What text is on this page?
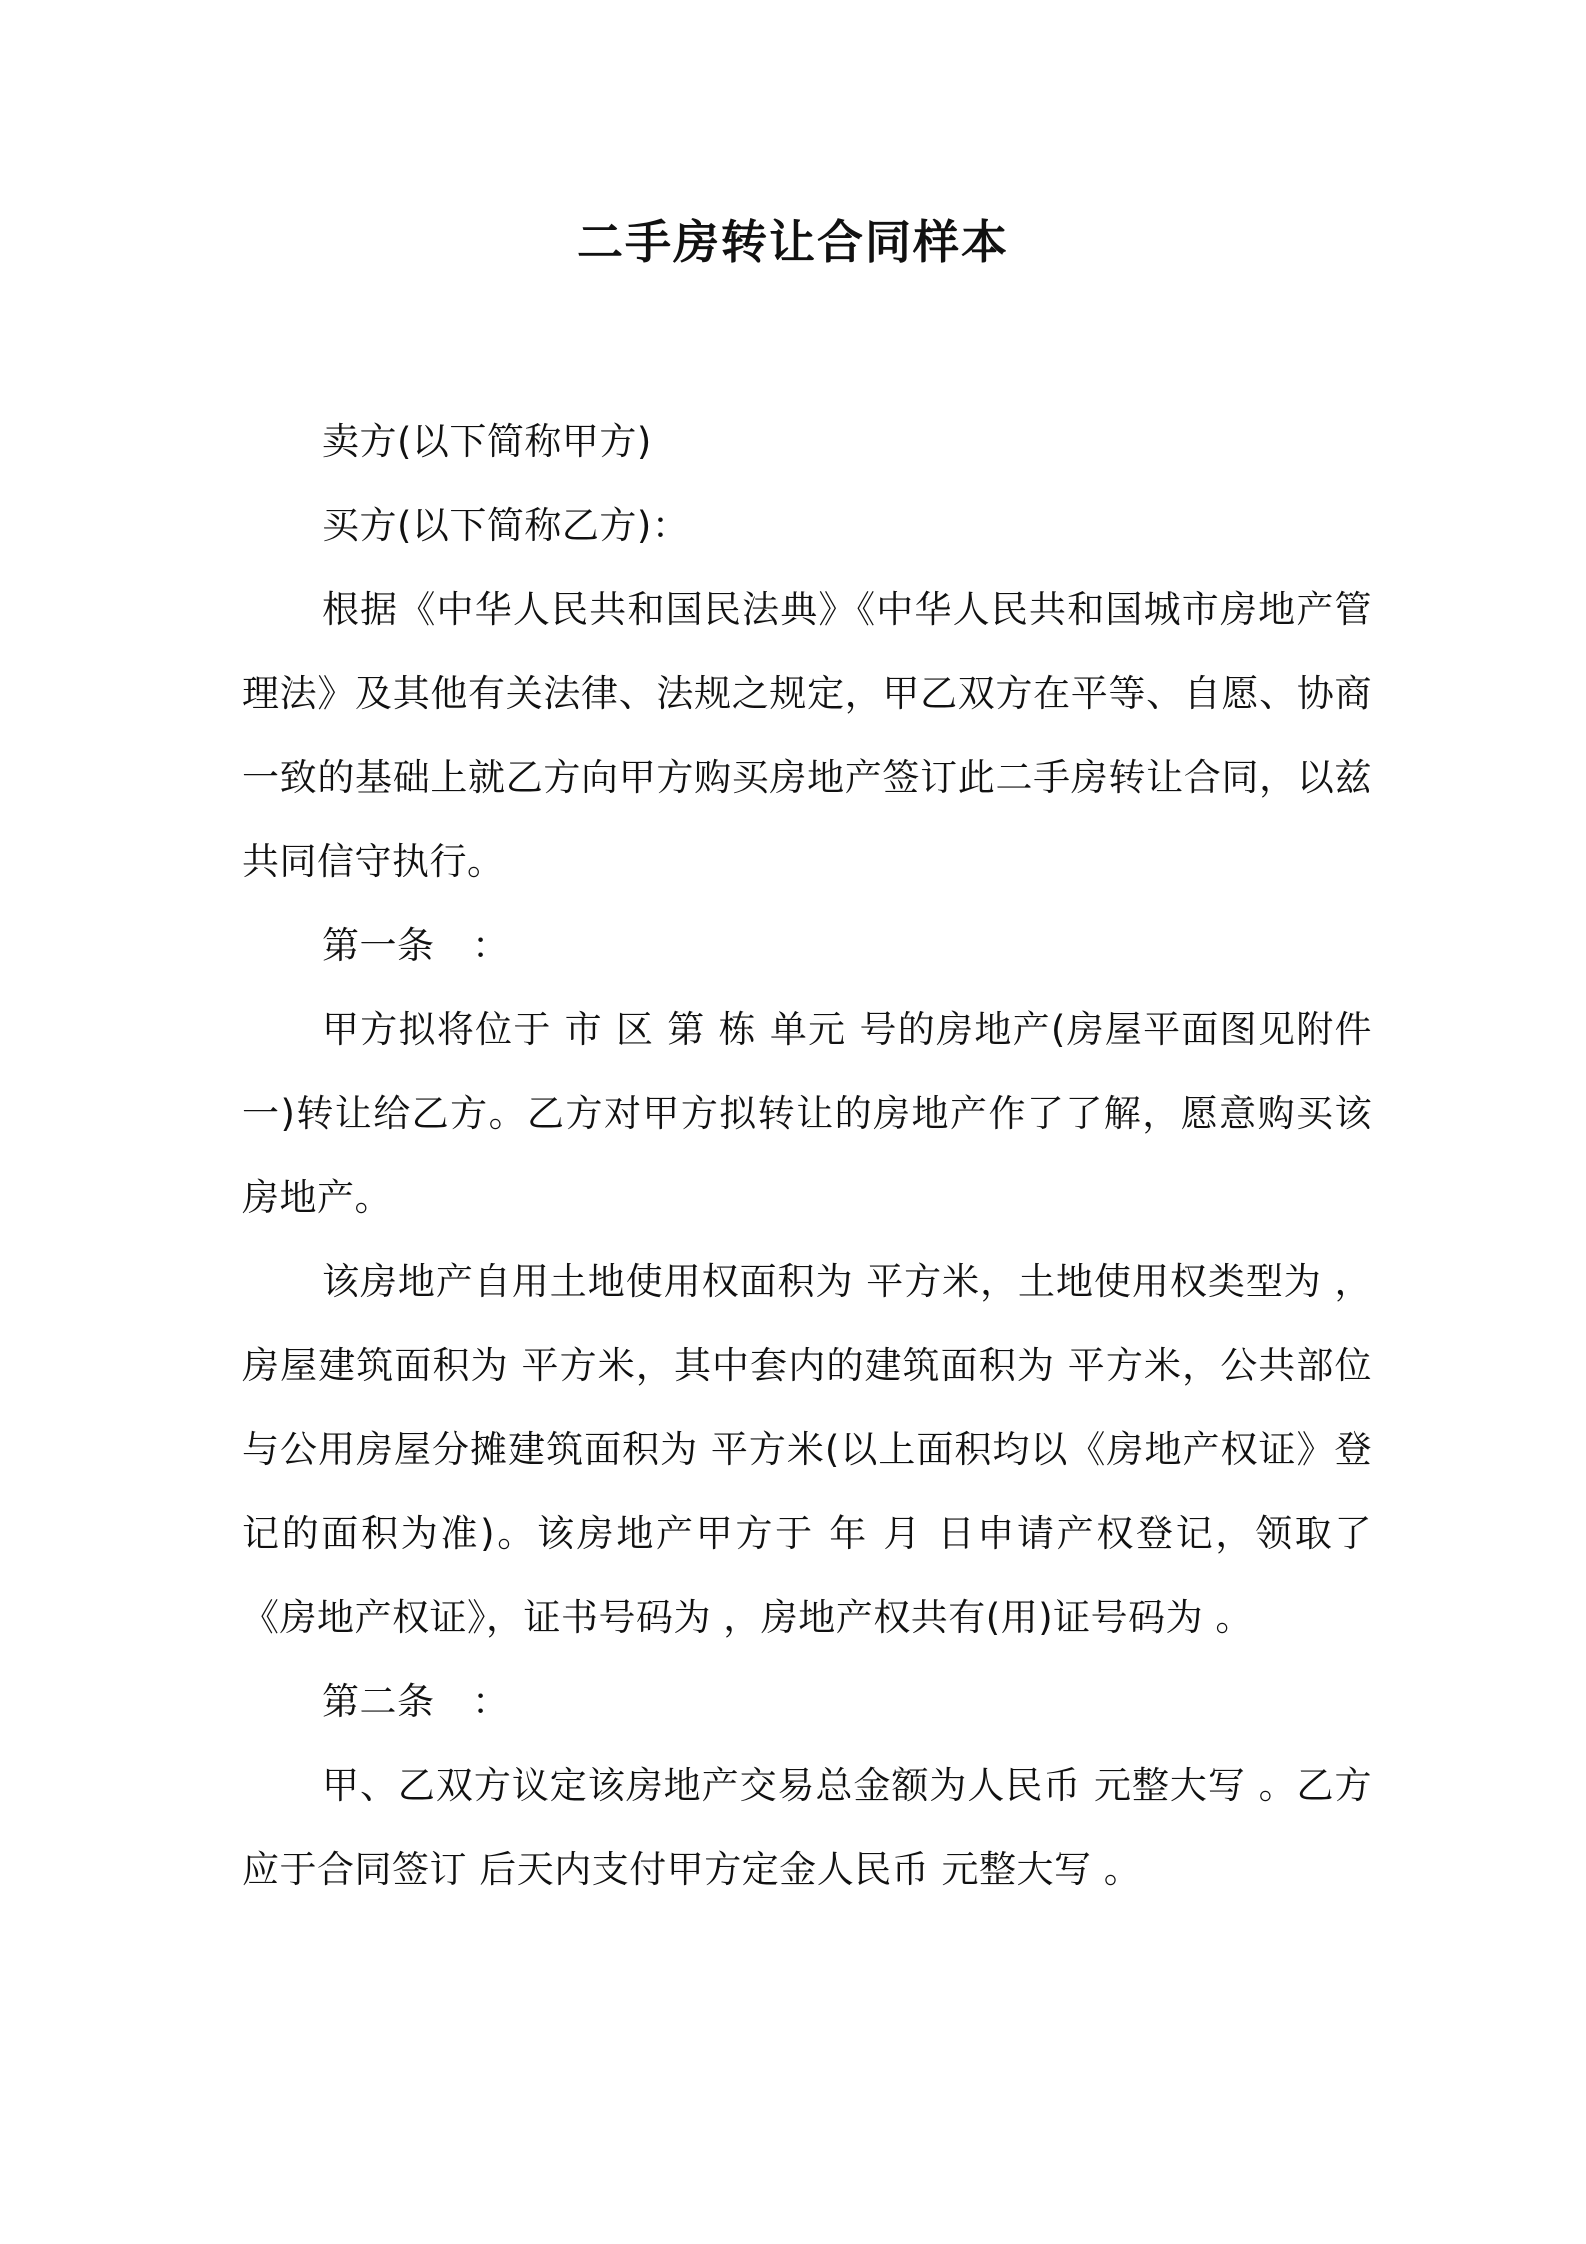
二手房转让合同样本

卖方(以下简称甲方)

买方(以下简称乙方)：

根据《中华人民共和国民法典》《中华人民共和国城市房地产管理法》及其他有关法律、法规之规定，甲乙双方在平等、自愿、协商一致的基础上就乙方向甲方购买房地产签订此二手房转让合同，以兹共同信守执行。

第一条　：

甲方拟将位于 市 区 第 栋 单元 号的房地产(房屋平面图见附件一)转让给乙方。乙方对甲方拟转让的房地产作了了解，愿意购买该房地产。

该房地产自用土地使用权面积为 平方米，土地使用权类型为 ，房屋建筑面积为 平方米，其中套内的建筑面积为 平方米，公共部位与公用房屋分摊建筑面积为 平方米(以上面积均以《房地产权证》登记的面积为准)。该房地产甲方于 年 月 日申请产权登记，领取了《房地产权证》，证书号码为 ，房地产权共有(用)证号码为 。

第二条　：

甲、乙双方议定该房地产交易总金额为人民币 元整大写 。乙方应于合同签订 后天内支付甲方定金人民币 元整大写 。
